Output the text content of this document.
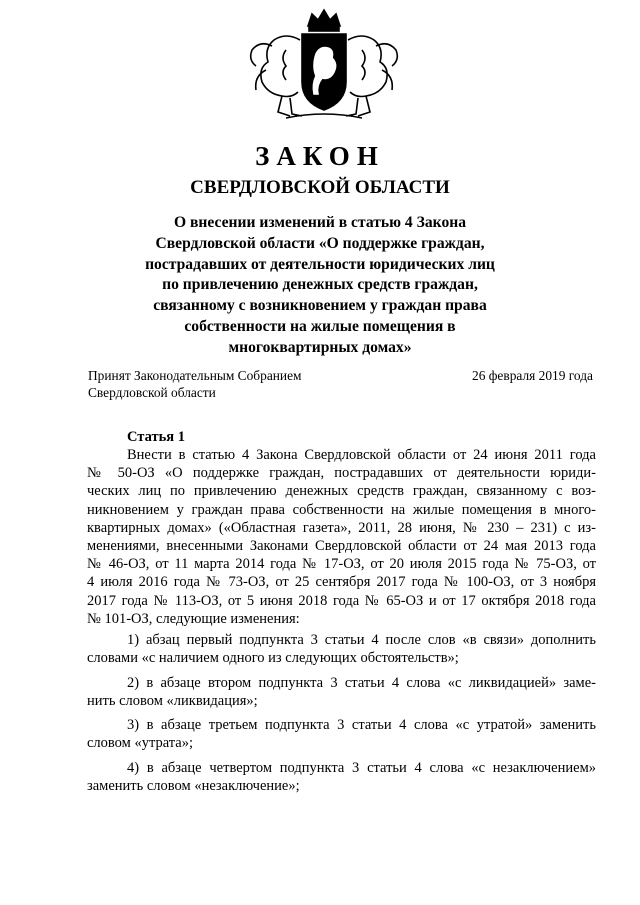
ЗАКОН
СВЕРДЛОВСКОЙ ОБЛАСТИ
О внесении изменений в статью 4 Закона
Свердловской области «О поддержке граждан,
пострадавших от деятельности юридических лиц
по привлечению денежных средств граждан,
связанному с возникновением у граждан права
собственности на жилые помещения в
многоквартирных домах»
Принят Законодательным Собранием
Свердловской области
26 февраля 2019 года
Статья 1
Внести в статью 4 Закона Свердловской области от 24 июня 2011 года
№ 50-ОЗ «О поддержке граждан, пострадавших от деятельности юриди-
ческих лиц по привлечению денежных средств граждан, связанному с воз-
никновением у граждан права собственности на жилые помещения в много-
квартирных домах» («Областная газета», 2011, 28 июня, № 230 – 231) с из-
менениями, внесенными Законами Свердловской области от 24 мая 2013 года
№ 46-ОЗ, от 11 марта 2014 года № 17-ОЗ, от 20 июля 2015 года № 75-ОЗ, от
4 июля 2016 года № 73-ОЗ, от 25 сентября 2017 года № 100-ОЗ, от 3 ноября
2017 года № 113-ОЗ, от 5 июня 2018 года № 65-ОЗ и от 17 октября 2018 года
№ 101-ОЗ, следующие изменения:
1) абзац первый подпункта 3 статьи 4 после слов «в связи» дополнить
словами «с наличием одного из следующих обстоятельств»;
2) в абзаце втором подпункта 3 статьи 4 слова «с ликвидацией» заме-
нить словом «ликвидация»;
3) в абзаце третьем подпункта 3 статьи 4 слова «с утратой» заменить
словом «утрата»;
4) в абзаце четвертом подпункта 3 статьи 4 слова «с незаключением»
заменить словом «незаключение»;
